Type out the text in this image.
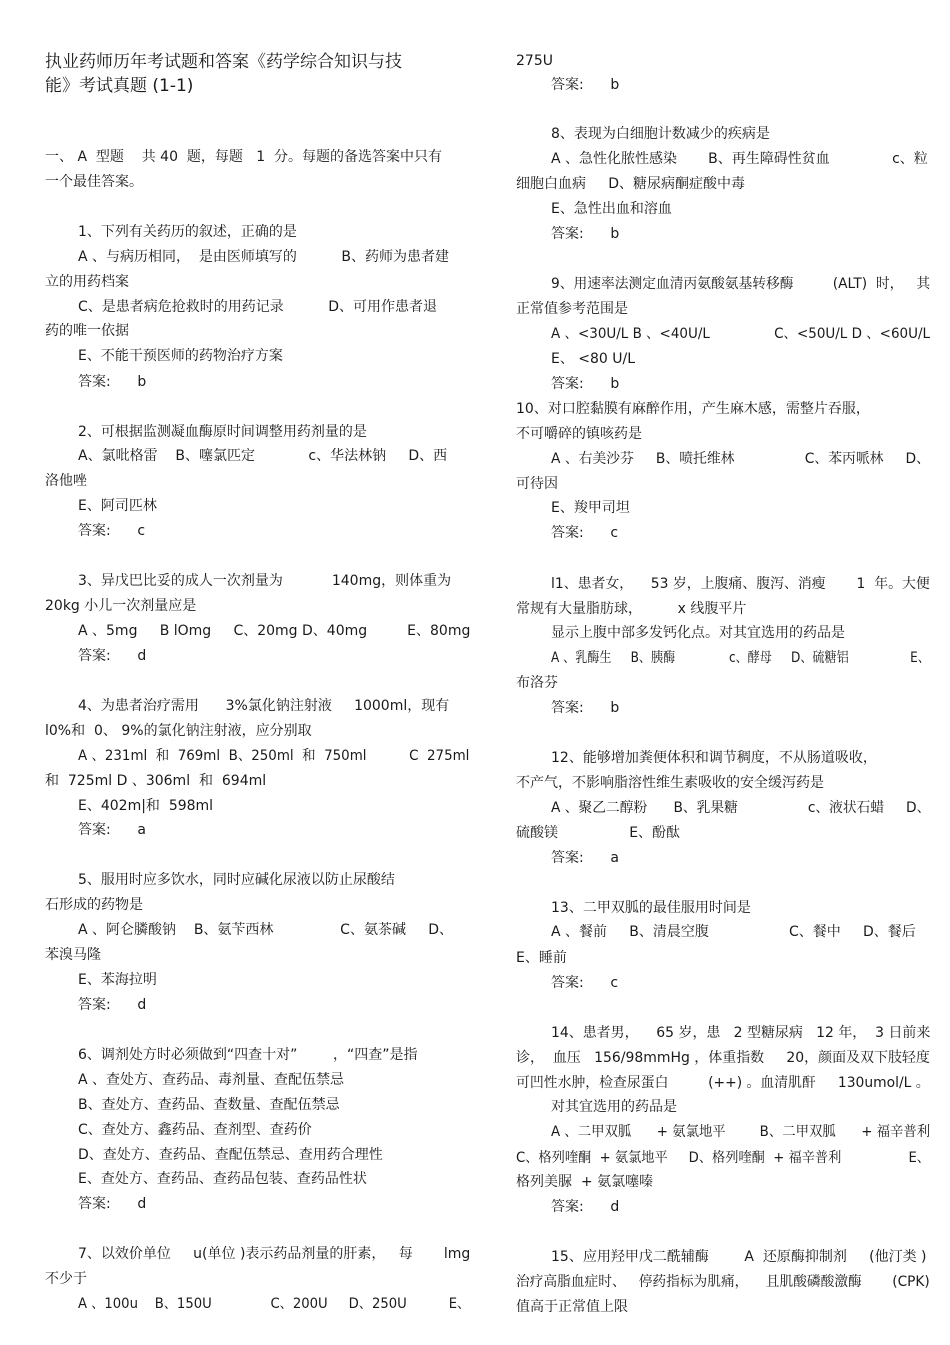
执业药师历年考试题和答案《药学综合知识与技
能》考试真题 (1-1)
一、 A  型题    共 40  题，每题   1  分。每题的备选答案中只有
一个最佳答案。
1、下列有关药历的叙述，正确的是
A 、与病历相同，  是由医师填写的          B、药师为患者建
立的用药档案
C、是患者病危抢救时的用药记录          D、可用作患者退
药的唯一依据
E、不能干预医师的药物治疗方案
答案:      b
2、可根据监测凝血酶原时间调整用药剂量的是
A、氯吡格雷    B、噻氯匹定            c、华法林钠     D、西
洛他唑
E、阿司匹林
答案:      c
3、异戊巴比妥的成人一次剂量为           140mg，则体重为
20kg 小儿一次剂量应是
A 、5mg     B lOmg     C、20mg D、40mg         E、80mg
答案:      d
4、为患者治疗需用      3%氯化钠注射液     1000ml，现有
l0%和  0、 9%的氯化钠注射液，应分别取
A 、231ml  和  769ml  B、250ml  和  750ml          C  275ml
和  725ml D 、306ml  和  694ml
E、402m|和  598ml
答案:      a
5、服用时应多饮水，同时应碱化尿液以防止尿酸结
石形成的药物是
A 、阿仑膦酸钠    B、氨苄西林               C、氨茶碱     D、
苯溴马隆
E、苯海拉明
答案:      d
6、调剂处方时必须做到“四查十对”        ，“四查”是指
A 、查处方、查药品、毒剂量、查配伍禁忌
B、查处方、查药品、查数量、查配伍禁忌
C、查处方、鑫药品、查剂型、查药价
D、查处方、查药品、查配伍禁忌、查用药合理性
E、查处方、查药品、查药品包装、查药品性状
答案:      d
7、以效价单位     u(单位 )表示药品剂量的肝素，   每       lmg
不少于
A 、100u    B、150U              C、200U     D、250U          E、
275U
答案:      b
8、表现为白细胞计数减少的疾病是
A 、急性化脓性感染       B、再生障碍性贫血              c、粒
细胞白血病     D、糖尿病酮症酸中毒
E、急性出血和溶血
答案:      b
9、用速率法测定血清丙氨酸氨基转移酶         (ALT)  时，   其
正常值参考范围是
A 、<30U/L B 、<40U/L               C、<50U/L D 、<60U/L
E、 <80 U/L
答案:      b
10、对口腔黏膜有麻醉作用，产生麻木感，需整片吞服，
不可嚼碎的镇咳药是
A 、右美沙芬     B、喷托维林                C、苯丙哌林     D、
可待因
E、羧甲司坦
答案:      c
l1、患者女，    53 岁，上腹痛、腹泻、消瘦       1  年。大便
常规有大量脂肪球，        x 线腹平片
显示上腹中部多发钙化点。对其宜选用的药品是
A 、乳酶生     B、胰酶              c、酵母     D、硫糖铝                E、
布洛芬
答案:      b
12、能够增加粪便体积和调节稠度，不从肠道吸收，
不产气，不影响脂溶性维生素吸收的安全缓泻药是
A 、聚乙二醇粉      B、乳果糖                c、液状石蜡     D、
硫酸镁                E、酚酞
答案:      a
13、二甲双胍的最佳服用时间是
A 、餐前     B、清晨空腹                  C、餐中     D、餐后
E、睡前
答案:      c
14、患者男，    65 岁，患   2 型糖尿病   12 年，  3 日前来
诊，  血压   156/98mmHg ，体重指数     20，颜面及双下肢轻度
可凹性水肿，检查尿蛋白         (++) 。血清肌酐     130umol/L 。
对其宜选用的药品是
A 、二甲双胍      + 氨氯地平        B、二甲双胍      + 福辛普利
C、格列喹酮  + 氨氯地平     D、格列喹酮  + 福辛普利                E、
格列美脲  + 氨氯噻嗪
答案:      d
15、应用羟甲戊二酰辅酶        A  还原酶抑制剂     (他汀类 )
治疗高脂血症时、   停药指标为肌痛，    且肌酸磷酸激酶       (CPK)
值高于正常值上限
